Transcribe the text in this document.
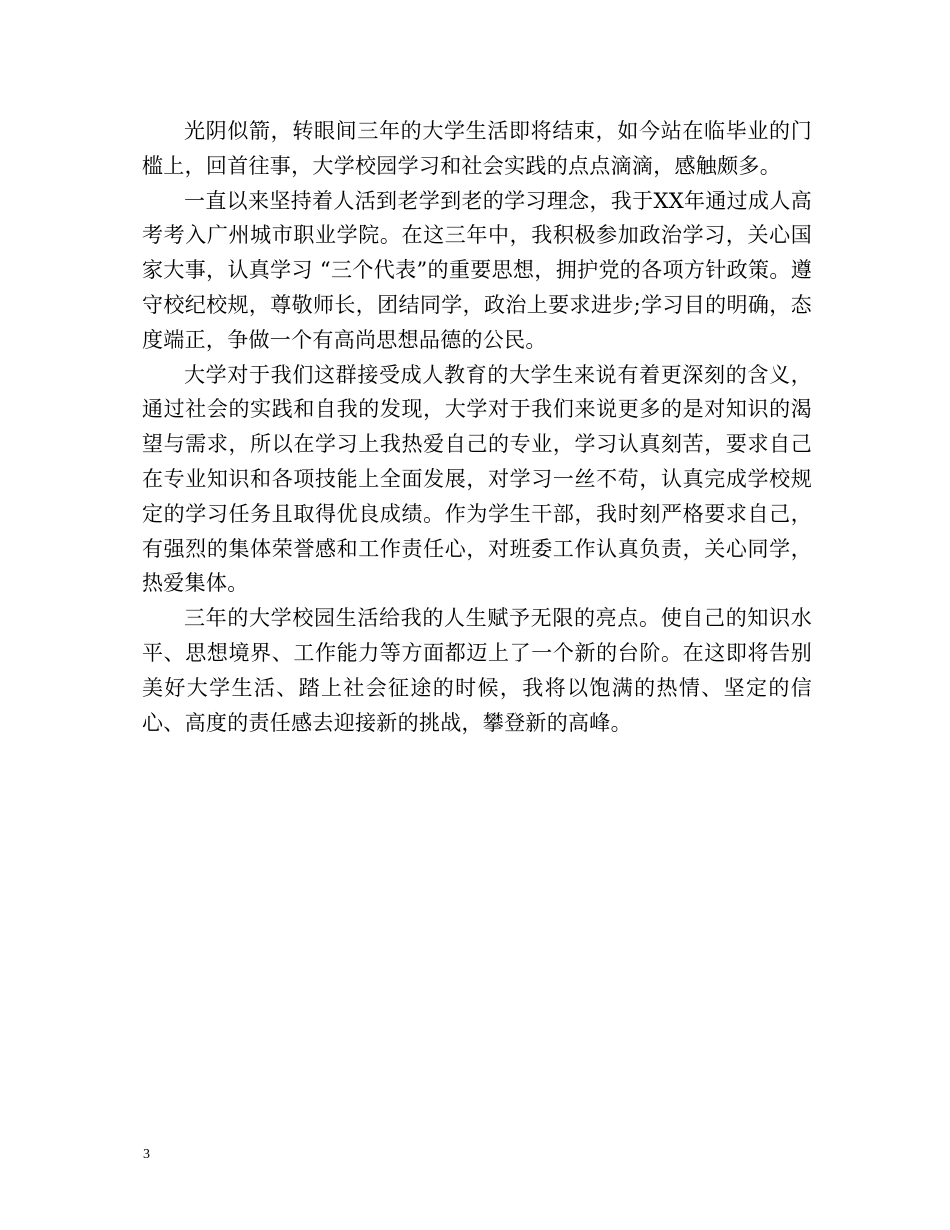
光阴似箭，转眼间三年的大学生活即将结束，如今站在临毕业的门槛上，回首往事，大学校园学习和社会实践的点点滴滴，感触颇多。

一直以来坚持着人活到老学到老的学习理念，我于XX年通过成人高考考入广州城市职业学院。在这三年中，我积极参加政治学习，关心国家大事，认真学习 “三个代表”的重要思想，拥护党的各项方针政策。遵守校纪校规，尊敬师长，团结同学，政治上要求进步;学习目的明确，态度端正，争做一个有高尚思想品德的公民。

大学对于我们这群接受成人教育的大学生来说有着更深刻的含义，通过社会的实践和自我的发现，大学对于我们来说更多的是对知识的渴望与需求，所以在学习上我热爱自己的专业，学习认真刻苦，要求自己在专业知识和各项技能上全面发展，对学习一丝不苟，认真完成学校规定的学习任务且取得优良成绩。作为学生干部，我时刻严格要求自己，有强烈的集体荣誉感和工作责任心，对班委工作认真负责，关心同学，热爱集体。

三年的大学校园生活给我的人生赋予无限的亮点。使自己的知识水平、思想境界、工作能力等方面都迈上了一个新的台阶。在这即将告别美好大学生活、踏上社会征途的时候，我将以饱满的热情、坚定的信心、高度的责任感去迎接新的挑战，攀登新的高峰。

3
